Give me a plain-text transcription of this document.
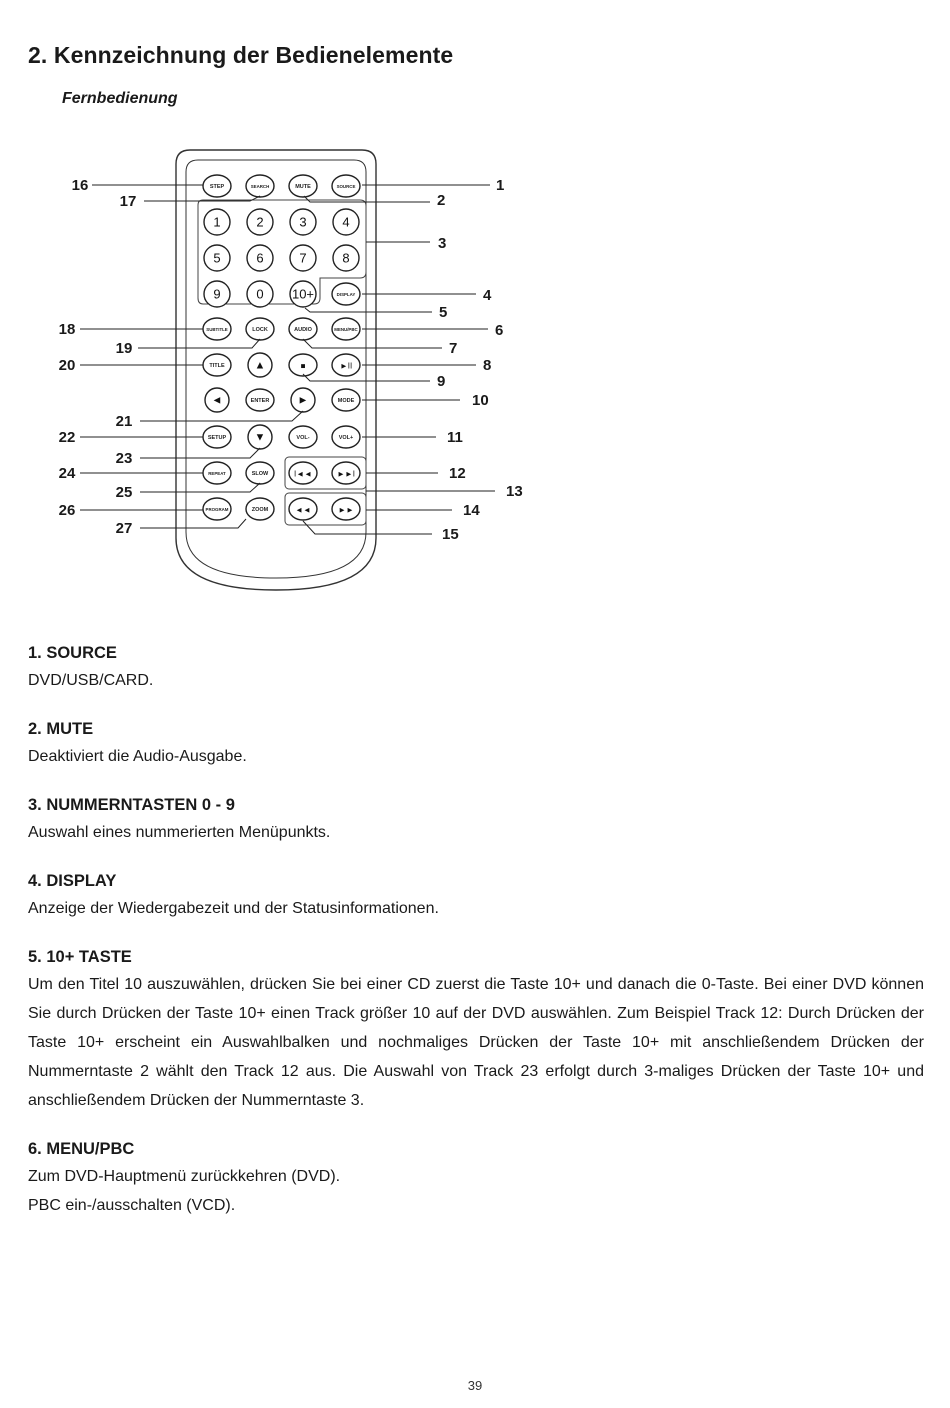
2. Kennzeichnung der Bedienelemente
Fernbedienung
STEP	SEARCH	MUTE	SOURCE
1	2	3	4
5	6	7	8
9	0 10+	DISPLAY
SUBTITLE	LOCK	AUDIO	MENU/PBC
TITLE	▲	■	►II
◄	ENTER	►	MODE
SETUP	▼	VOL-	VOL+
REPEAT	SLOW	I◄◄	►►I
PROGRAM	ZOOM	◄◄	►►
1
2
3
4
5
6
7
8
9
10
11
12
13
14
15
16
17
18
19
20
21
22
23
24
25
26
27
1. SOURCE

DVD/USB/CARD.

2. MUTE

Deaktiviert die Audio-Ausgabe.

3. NUMMERNTASTEN 0 - 9

Auswahl eines nummerierten Menüpunkts.

4. DISPLAY

Anzeige der Wiedergabezeit und der Statusinformationen.

5. 10+ TASTE

Um den Titel 10 auszuwählen, drücken Sie bei einer CD zuerst die Taste 10+ und danach die 0-Taste. Bei einer DVD können Sie durch Drücken der Taste 10+ einen Track größer 10 auf der DVD auswählen. Zum Beispiel Track 12: Durch Drücken der Taste 10+ erscheint ein Auswahlbalken und nochmaliges Drücken der Taste 10+ mit anschließendem Drücken der Nummerntaste 2 wählt den Track 12 aus. Die Auswahl von Track 23 erfolgt durch 3-maliges Drücken der Taste 10+ und anschließendem Drücken der Nummerntaste 3.

6. MENU/PBC

Zum DVD-Hauptmenü zurückkehren (DVD).

PBC ein-/ausschalten (VCD).

39
